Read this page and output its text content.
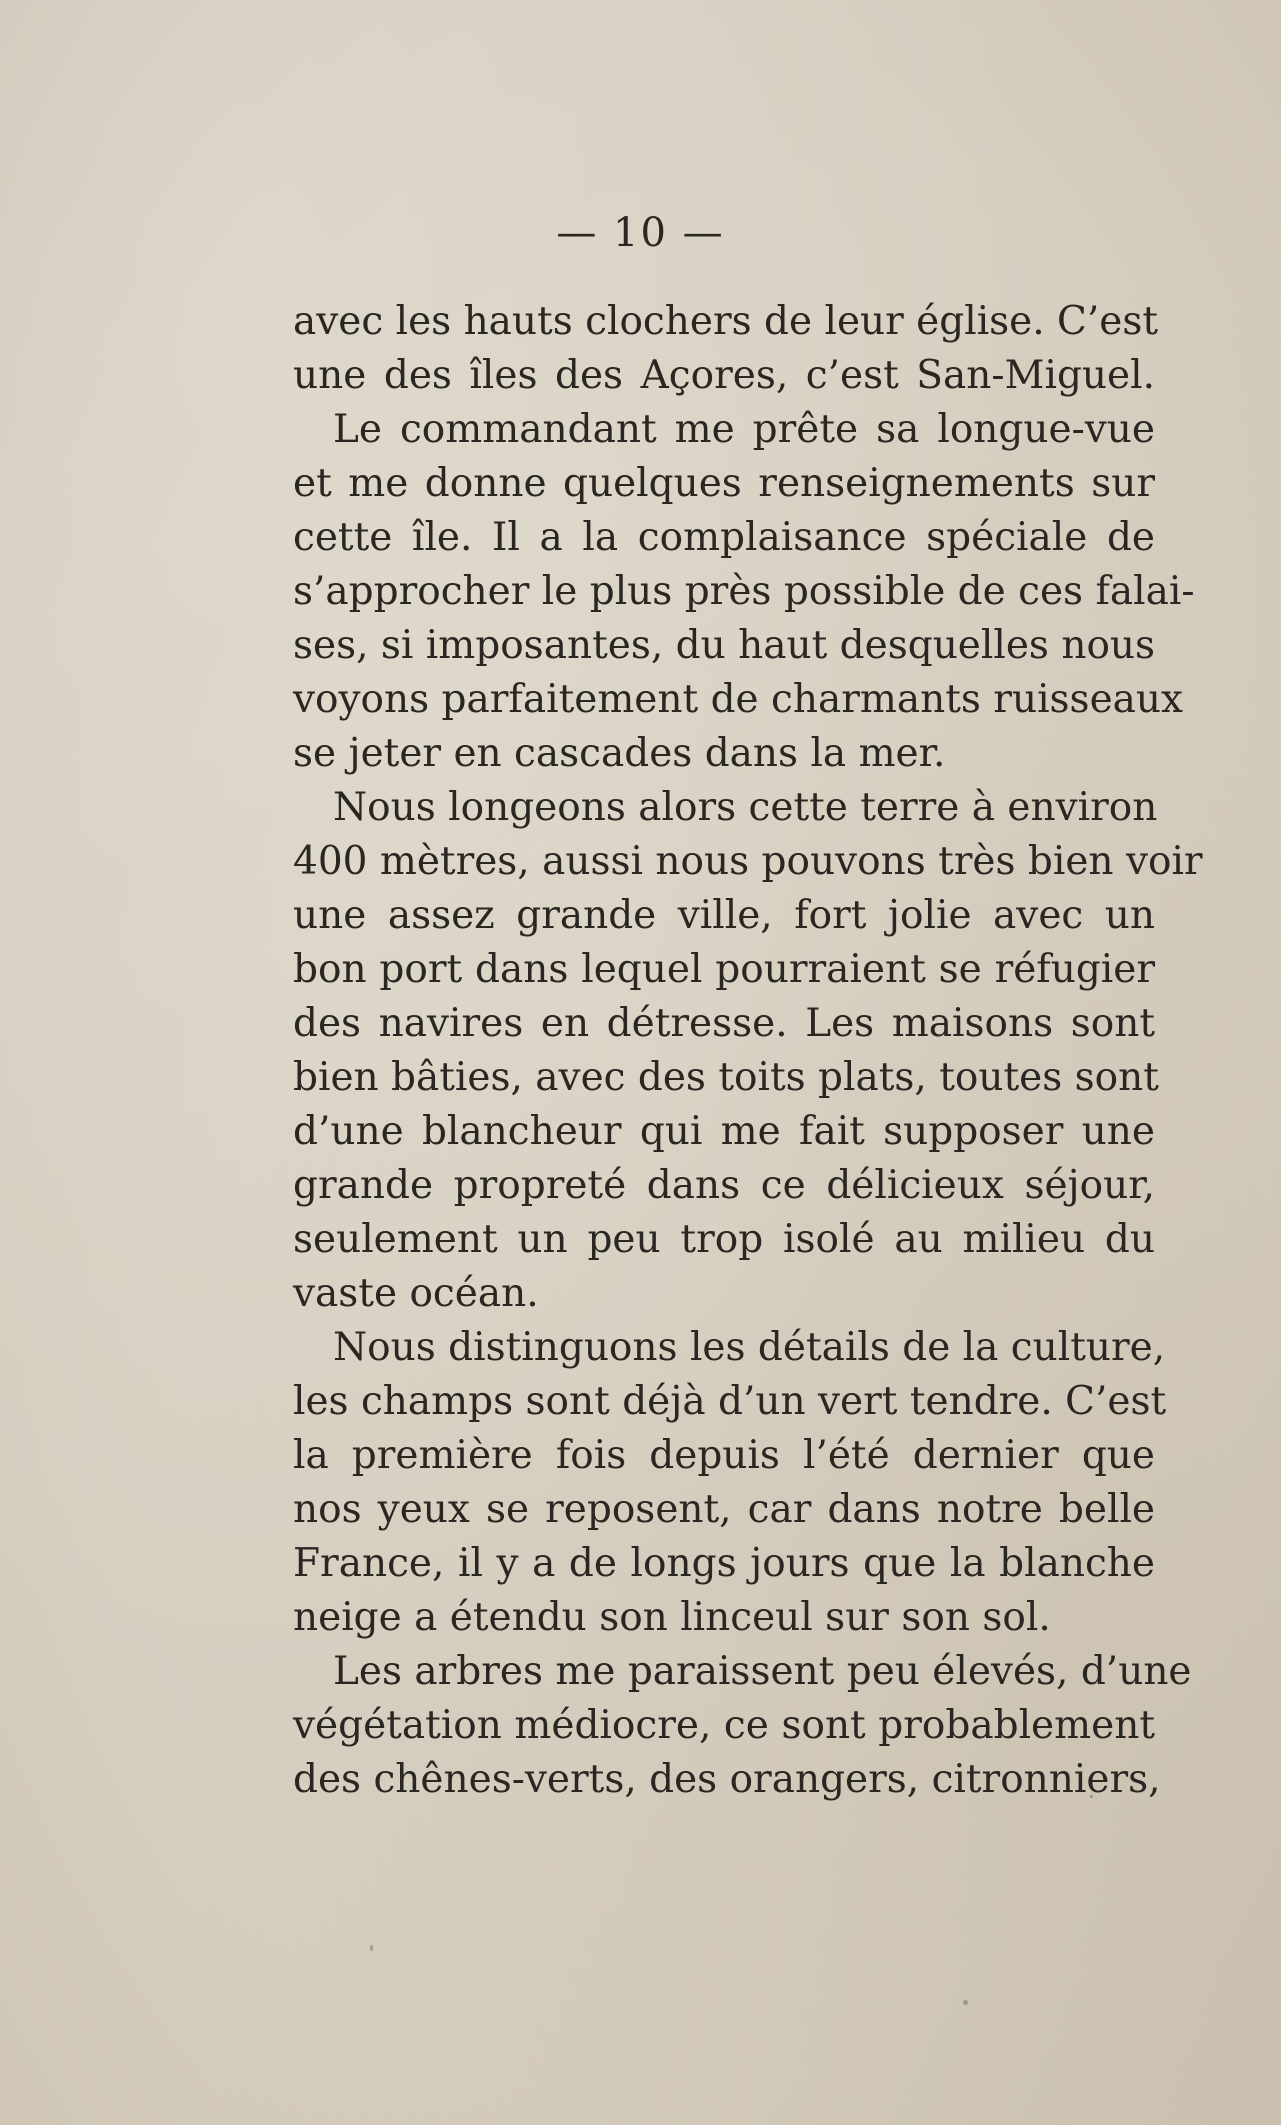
— 10 —
avec les hauts clochers de leur église. C’est
une des îles des Açores, c’est San-Miguel.
Le commandant me prête sa longue-vue
et me donne quelques renseignements sur
cette île. Il a la complaisance spéciale de
s’approcher le plus près possible de ces falai-
ses, si imposantes, du haut desquelles nous
voyons parfaitement de charmants ruisseaux
se jeter en cascades dans la mer.
Nous longeons alors cette terre à environ
400 mètres, aussi nous pouvons très bien voir
une assez grande ville, fort jolie avec un
bon port dans lequel pourraient se réfugier
des navires en détresse. Les maisons sont
bien bâties, avec des toits plats, toutes sont
d’une blancheur qui me fait supposer une
grande propreté dans ce délicieux séjour,
seulement un peu trop isolé au milieu du
vaste océan.
Nous distinguons les détails de la culture,
les champs sont déjà d’un vert tendre. C’est
la première fois depuis l’été dernier que
nos yeux se reposent, car dans notre belle
France, il y a de longs jours que la blanche
neige a étendu son linceul sur son sol.
Les arbres me paraissent peu élevés, d’une
végétation médiocre, ce sont probablement
des chênes-verts, des orangers, citronniers,
